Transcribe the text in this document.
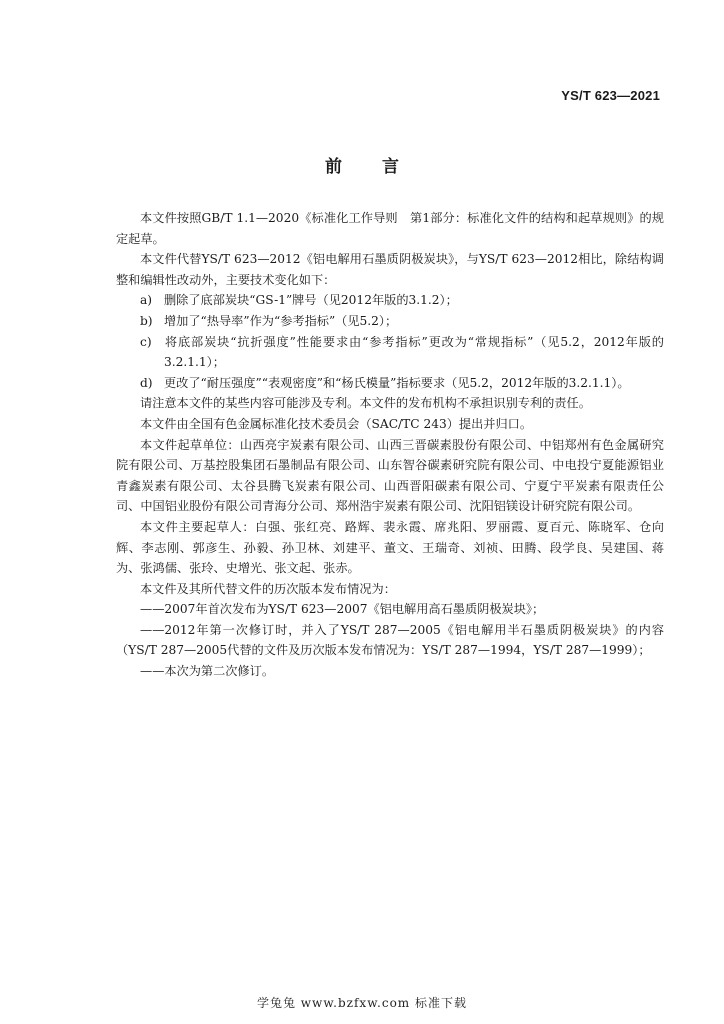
YS/T 623—2021
前言

本文件按照GB/T 1.1—2020《标准化工作导则　第1部分：标准化文件的结构和起草规则》的规定起草。

本文件代替YS/T 623—2012《铝电解用石墨质阴极炭块》，与YS/T 623—2012相比，除结构调整和编辑性改动外，主要技术变化如下：

a) 删除了底部炭块“GS-1”牌号（见2012年版的3.1.2）；

b) 增加了“热导率”作为“参考指标”（见5.2）；

c) 将底部炭块“抗折强度”性能要求由“参考指标”更改为“常规指标”（见5.2，2012年版的3.2.1.1）；

d) 更改了“耐压强度”“表观密度”和“杨氏模量”指标要求（见5.2，2012年版的3.2.1.1）。

请注意本文件的某些内容可能涉及专利。本文件的发布机构不承担识别专利的责任。

本文件由全国有色金属标准化技术委员会（SAC/TC 243）提出并归口。

本文件起草单位：山西亮宇炭素有限公司、山西三晋碳素股份有限公司、中铝郑州有色金属研究院有限公司、万基控股集团石墨制品有限公司、山东智谷碳素研究院有限公司、中电投宁夏能源铝业青鑫炭素有限公司、太谷县腾飞炭素有限公司、山西晋阳碳素有限公司、宁夏宁平炭素有限责任公司、中国铝业股份有限公司青海分公司、郑州浩宇炭素有限公司、沈阳铝镁设计研究院有限公司。

本文件主要起草人：白强、张红亮、路辉、裴永霞、席兆阳、罗丽霞、夏百元、陈晓军、仓向辉、李志刚、郭彦生、孙毅、孙卫林、刘建平、董文、王瑞奇、刘祯、田腾、段学良、吴建国、蒋为、张鸿儒、张玲、史增光、张文起、张赤。

本文件及其所代替文件的历次版本发布情况为：

——2007年首次发布为YS/T 623—2007《铝电解用高石墨质阴极炭块》；

——2012年第一次修订时，并入了YS/T 287—2005《铝电解用半石墨质阴极炭块》的内容（YS/T 287—2005代替的文件及历次版本发布情况为：YS/T 287—1994，YS/T 287—1999）；

——本次为第二次修订。

学兔兔 www.bzfxw.com 标准下载
